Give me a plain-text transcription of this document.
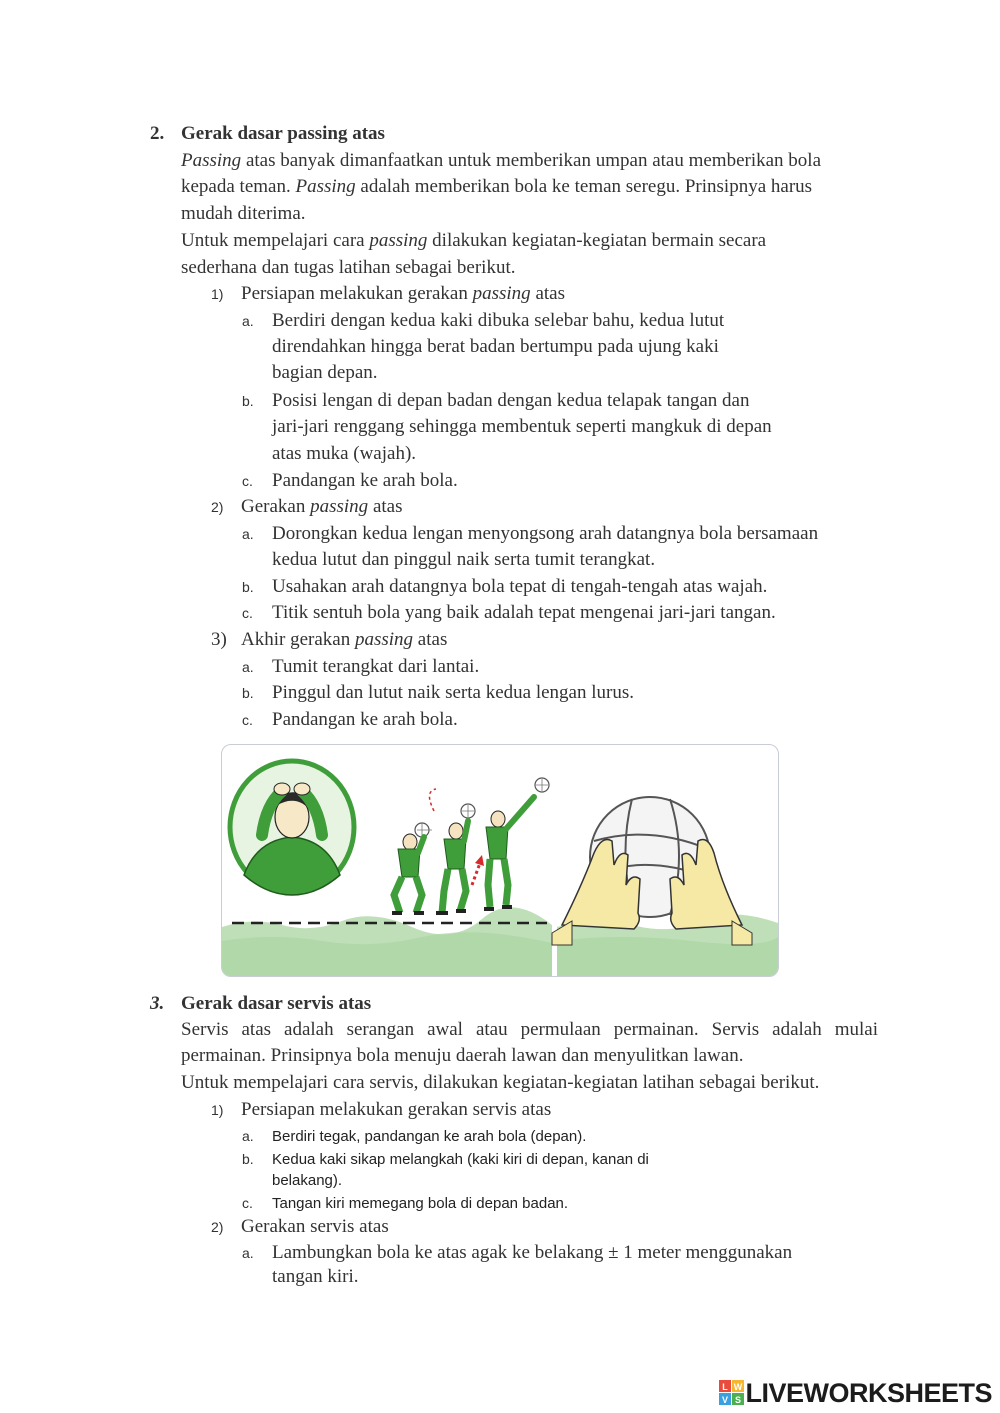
2. Gerak dasar passing atas
Passing atas banyak dimanfaatkan untuk memberikan umpan atau memberikan bola
kepada teman. Passing adalah memberikan bola ke teman seregu. Prinsipnya harus
mudah diterima.
Untuk mempelajari cara passing dilakukan kegiatan-kegiatan bermain secara
sederhana dan tugas latihan sebagai berikut.
1) Persiapan melakukan gerakan passing atas
a. Berdiri dengan kedua kaki dibuka selebar bahu, kedua lutut
direndahkan hingga berat badan bertumpu pada ujung kaki
bagian depan.
b. Posisi lengan di depan badan dengan kedua telapak tangan dan
jari-jari renggang sehingga membentuk seperti mangkuk di depan
atas muka (wajah).
c. Pandangan ke arah bola.
2) Gerakan passing atas
a. Dorongkan kedua lengan menyongsong arah datangnya bola bersamaan
kedua lutut dan pinggul naik serta tumit terangkat.
b. Usahakan arah datangnya bola tepat di tengah-tengah atas wajah.
c. Titik sentuh bola yang baik adalah tepat mengenai jari-jari tangan.
3) Akhir gerakan passing atas
a. Tumit terangkat dari lantai.
b. Pinggul dan lutut naik serta kedua lengan lurus.
c. Pandangan ke arah bola.
3. Gerak dasar servis atas
Servis atas adalah serangan awal atau permulaan permainan. Servis adalah mulai
permainan. Prinsipnya bola menuju daerah lawan dan menyulitkan lawan.
Untuk mempelajari cara servis, dilakukan kegiatan-kegiatan latihan sebagai berikut.
1) Persiapan melakukan gerakan servis atas
a. Berdiri tegak, pandangan ke arah bola (depan).
b. Kedua kaki sikap melangkah (kaki kiri di depan, kanan di
belakang).
c. Tangan kiri memegang bola di depan badan.
2) Gerakan servis atas
a. Lambungkan bola ke atas agak ke belakang ± 1 meter menggunakan
tangan kiri.
L W
V S LIVEWORKSHEETS
